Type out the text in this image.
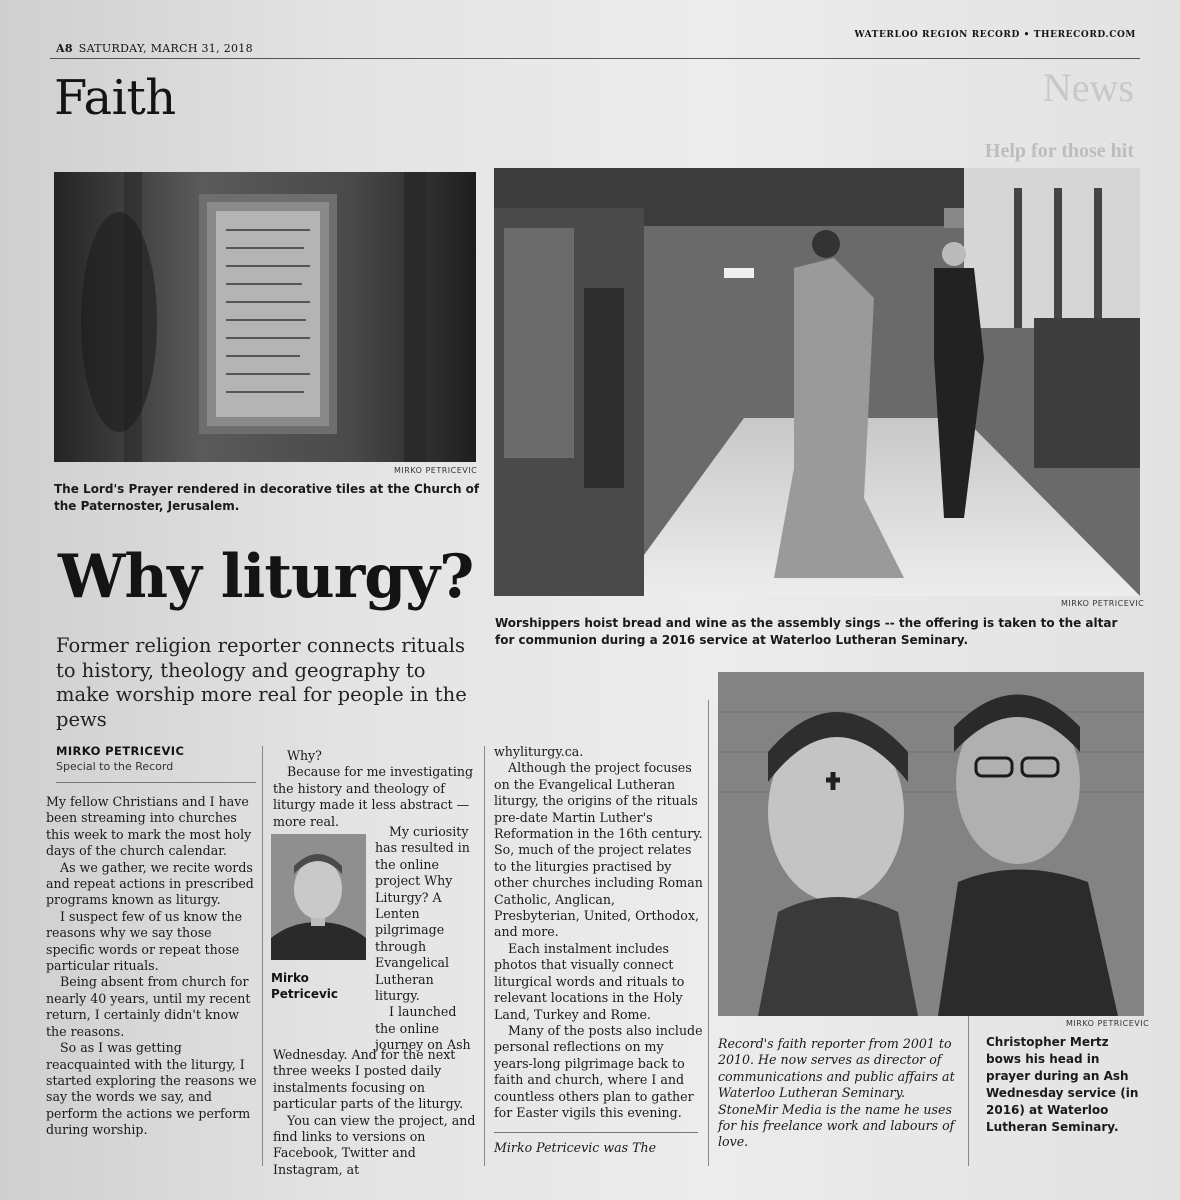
A8 SATURDAY, MARCH 31, 2018
WATERLOO REGION RECORD • THERECORD.COM
Faith	News
Help for those hit
MIRKO PETRICEVIC
The Lord's Prayer rendered in decorative tiles at the Church of the Paternoster, Jerusalem.
MIRKO PETRICEVIC
Worshippers hoist bread and wine as the assembly sings -- the offering is taken to the altar for communion during a 2016 service at Waterloo Lutheran Seminary.
Why liturgy?
Former religion reporter connects rituals to history, theology and geography to make worship more real for people in the pews
MIRKO PETRICEVIC
Special to the Record

My fellow Christians and I have been streaming into churches this week to mark the most holy days of the church calendar.

As we gather, we recite words and repeat actions in prescribed programs known as liturgy.

I suspect few of us know the reasons why we say those specific words or repeat those particular rituals.

Being absent from church for nearly 40 years, until my recent return, I certainly didn't know the reasons.

So as I was getting reacquainted with the liturgy, I started exploring the reasons we say the words we say, and perform the actions we perform during worship.

Why?

Because for me investigating the history and theology of liturgy made it less abstract — more real.

Mirko
Petricevic

My curiosity has resulted in the online project Why Liturgy? A Lenten pilgrimage through Evangelical Lutheran liturgy.

I launched the online journey on Ash

Wednesday. And for the next three weeks I posted daily instalments focusing on particular parts of the liturgy.

You can view the project, and find links to versions on Facebook, Twitter and Instagram, at

whyliturgy.ca.

Although the project focuses on the Evangelical Lutheran liturgy, the origins of the rituals pre-date Martin Luther's Reformation in the 16th century. So, much of the project relates to the liturgies practised by other churches including Roman Catholic, Anglican, Presbyterian, United, Orthodox, and more.

Each instalment includes photos that visually connect liturgical words and rituals to relevant locations in the Holy Land, Turkey and Rome.

Many of the posts also include personal reflections on my years-long pilgrimage back to faith and church, where I and countless others plan to gather for Easter vigils this evening.

Mirko Petricevic was The

MIRKO PETRICEVIC

Record's faith reporter from 2001 to 2010. He now serves as director of communications and public affairs at Waterloo Lutheran Seminary. StoneMir Media is the name he uses for his freelance work and labours of love.

Christopher Mertz bows his head in prayer during an Ash Wednesday service (in 2016) at Waterloo Lutheran Seminary.
